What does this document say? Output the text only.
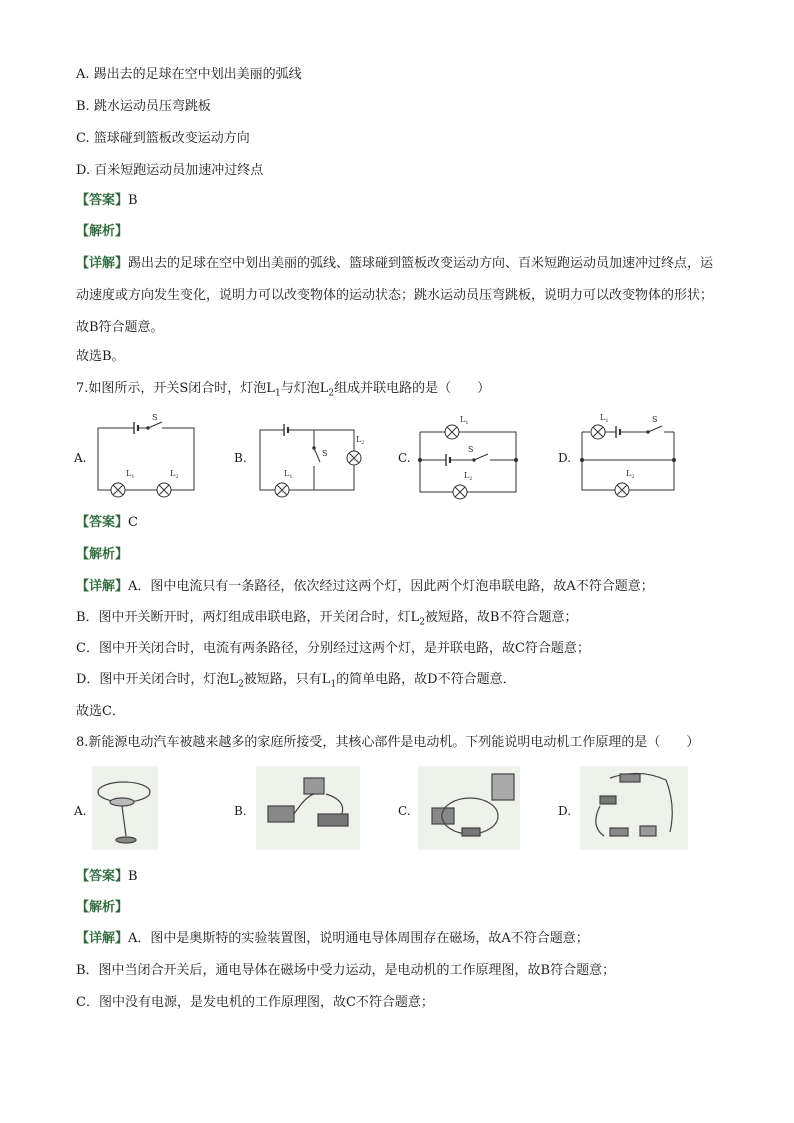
A. 踢出去的足球在空中划出美丽的弧线
B. 跳水运动员压弯跳板
C. 篮球碰到篮板改变运动方向
D. 百米短跑运动员加速冲过终点
【答案】B
【解析】
【详解】踢出去的足球在空中划出美丽的弧线、篮球碰到篮板改变运动方向、百米短跑运动员加速冲过终点，运动速度或方向发生变化，说明力可以改变物体的运动状态；跳水运动员压弯跳板，说明力可以改变物体的形状；故B符合题意。
故选B。
7.如图所示，开关S闭合时，灯泡$L_1$与灯泡$L_2$组成并联电路的是（　　）
A.	B.	C.	D.
S
$L_1$	$L_2$
S
$L_2$
$L_1$
S
$L_1$
$L_2$
$L_1$	S
$L_2$
【答案】C
【解析】
【详解】A．图中电流只有一条路径，依次经过这两个灯，因此两个灯泡串联电路，故A不符合题意；
B．图中开关断开时，两灯组成串联电路，开关闭合时，灯$L_2$被短路，故B不符合题意；
C．图中开关闭合时，电流有两条路径，分别经过这两个灯，是并联电路，故C符合题意；
D．图中开关闭合时，灯泡$L_2$被短路，只有$L_1$的简单电路，故D不符合题意．
故选C．
8.新能源电动汽车被越来越多的家庭所接受，其核心部件是电动机。下列能说明电动机工作原理的是（　　）
A.	B.	C.	D.
【答案】B
【解析】
【详解】A．图中是奥斯特的实验装置图，说明通电导体周围存在磁场，故A不符合题意；
B．图中当闭合开关后，通电导体在磁场中受力运动，是电动机的工作原理图，故B符合题意；
C．图中没有电源，是发电机的工作原理图，故C不符合题意；
